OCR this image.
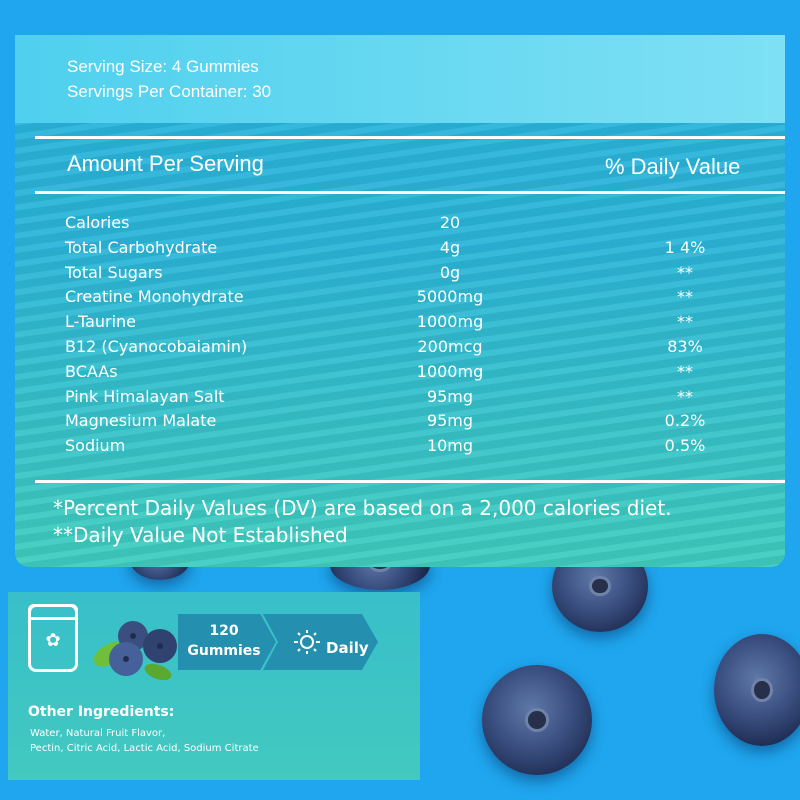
Serving Size: 4 Gummies
Servings Per Container: 30
Amount Per Serving	% Daily Value
Calories	20
Total Carbohydrate	4g	1 4%
Total Sugars	0g	**
Creatine Monohydrate	5000mg	**
L-Taurine	1000mg	**
B12 (Cyanocobaiamin)	200mcg	83%
BCAAs	1000mg	**
Pink Himalayan Salt	95mg	**
Magnesium Malate	95mg	0.2%
Sodium	10mg	0.5%
*Percent Daily Values (DV) are based on a 2,000 calories diet.
**Daily Value Not Established
✿	120
Gummies	Daily
Other Ingredients:
Water, Natural Fruit Flavor,
Pectin, Citric Acid, Lactic Acid, Sodium Citrate
